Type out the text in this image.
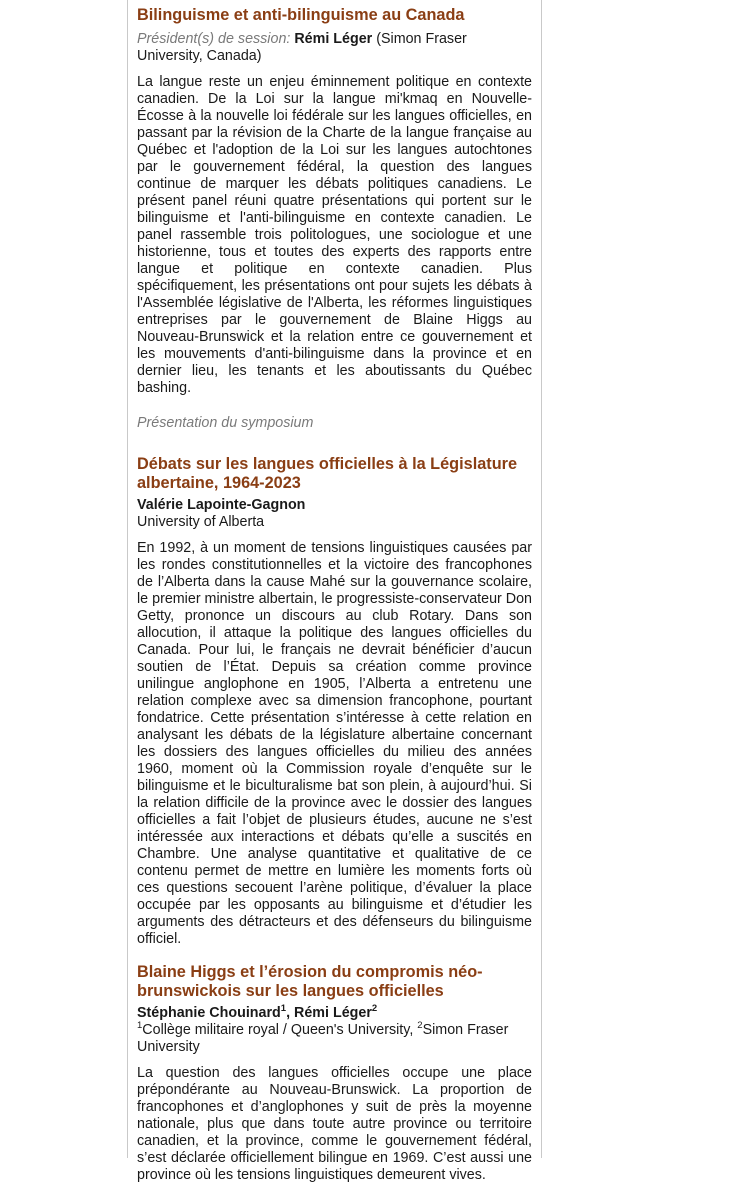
Bilinguisme et anti-bilinguisme au Canada
Président(s) de session: Rémi Léger (Simon Fraser University, Canada)

La langue reste un enjeu éminnement politique en contexte canadien. De la Loi sur la langue mi'kmaq en Nouvelle-Écosse à la nouvelle loi fédérale sur les langues officielles, en passant par la révision de la Charte de la langue française au Québec et l'adoption de la Loi sur les langues autochtones par le gouvernement fédéral, la question des langues continue de marquer les débats politiques canadiens. Le présent panel réuni quatre présentations qui portent sur le bilinguisme et l'anti-bilinguisme en contexte canadien. Le panel rassemble trois politologues, une sociologue et une historienne, tous et toutes des experts des rapports entre langue et politique en contexte canadien. Plus spécifiquement, les présentations ont pour sujets les débats à l'Assemblée législative de l'Alberta, les réformes linguistiques entreprises par le gouvernement de Blaine Higgs au Nouveau-Brunswick et la relation entre ce gouvernement et les mouvements d'anti-bilinguisme dans la province et en dernier lieu, les tenants et les aboutissants du Québec bashing.

Présentation du symposium
Débats sur les langues officielles à la Législature albertaine, 1964-2023
Valérie Lapointe-Gagnon
University of Alberta

En 1992, à un moment de tensions linguistiques causées par les rondes constitutionnelles et la victoire des francophones de l’Alberta dans la cause Mahé sur la gouvernance scolaire, le premier ministre albertain, le progressiste-conservateur Don Getty, prononce un discours au club Rotary. Dans son allocution, il attaque la politique des langues officielles du Canada. Pour lui, le français ne devrait bénéficier d’aucun soutien de l’État. Depuis sa création comme province unilingue anglophone en 1905, l’Alberta a entretenu une relation complexe avec sa dimension francophone, pourtant fondatrice. Cette présentation s’intéresse à cette relation en analysant les débats de la législature albertaine concernant les dossiers des langues officielles du milieu des années 1960, moment où la Commission royale d’enquête sur le bilinguisme et le biculturalisme bat son plein, à aujourd’hui. Si la relation difficile de la province avec le dossier des langues officielles a fait l’objet de plusieurs études, aucune ne s’est intéressée aux interactions et débats qu’elle a suscités en Chambre. Une analyse quantitative et qualitative de ce contenu permet de mettre en lumière les moments forts où ces questions secouent l’arène politique, d’évaluer la place occupée par les opposants au bilinguisme et d’étudier les arguments des détracteurs et des défenseurs du bilinguisme officiel.

Blaine Higgs et l’érosion du compromis néo-brunswickois sur les langues officielles
Stéphanie Chouinard$^1$, Rémi Léger$^2$
$^1$Collège militaire royal / Queen's University, $^2$Simon Fraser University

La question des langues officielles occupe une place prépondérante au Nouveau-Brunswick. La proportion de francophones et d’anglophones y suit de près la moyenne nationale, plus que dans toute autre province ou territoire canadien, et la province, comme le gouvernement fédéral, s’est déclarée officiellement bilingue en 1969. C’est aussi une province où les tensions linguistiques demeurent vives.
